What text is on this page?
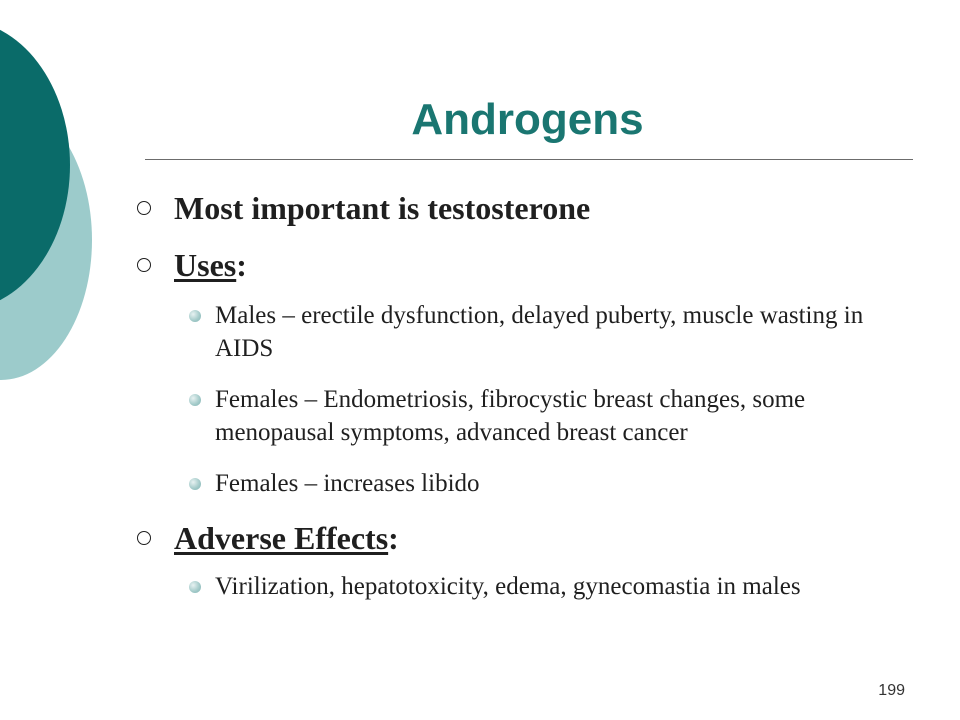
Androgens
Most important is testosterone
Uses:
Males – erectile dysfunction, delayed puberty, muscle wasting in AIDS
Females – Endometriosis, fibrocystic breast changes, some menopausal symptoms, advanced breast cancer
Females – increases libido
Adverse Effects:
Virilization, hepatotoxicity, edema, gynecomastia in males
199
